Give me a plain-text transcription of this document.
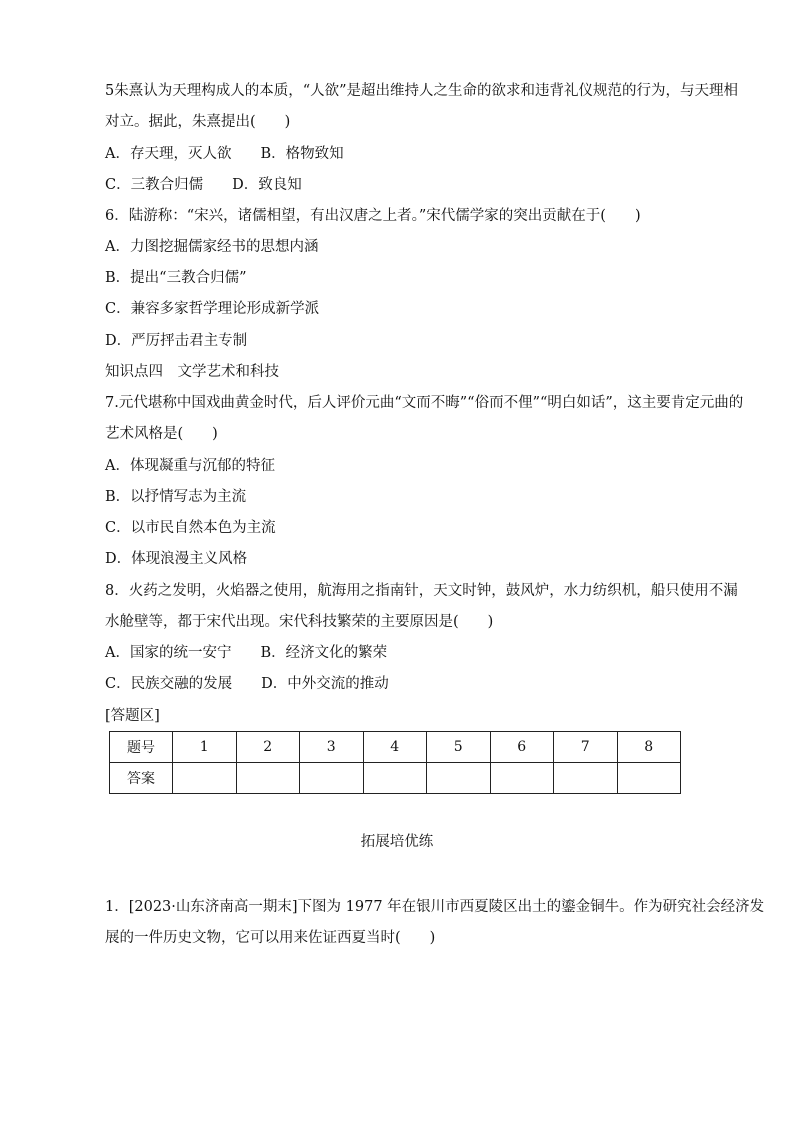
5朱熹认为天理构成人的本质，“人欲”是超出维持人之生命的欲求和违背礼仪规范的行为，与天理相
对立。据此，朱熹提出(　　)
A．存天理，灭人欲　　B．格物致知
C．三教合归儒　　D．致良知
6．陆游称：“宋兴，诸儒相望，有出汉唐之上者。”宋代儒学家的突出贡献在于(　　)
A．力图挖掘儒家经书的思想内涵
B．提出“三教合归儒”
C．兼容多家哲学理论形成新学派
D．严厉抨击君主专制
知识点四　文学艺术和科技
7.元代堪称中国戏曲黄金时代，后人评价元曲“文而不晦”“俗而不俚”“明白如话”，这主要肯定元曲的
艺术风格是(　　)
A．体现凝重与沉郁的特征
B．以抒情写志为主流
C．以市民自然本色为主流
D．体现浪漫主义风格
8．火药之发明，火焰器之使用，航海用之指南针，天文时钟，鼓风炉，水力纺织机，船只使用不漏
水舱壁等，都于宋代出现。宋代科技繁荣的主要原因是(　　)
A．国家的统一安宁　　B．经济文化的繁荣
C．民族交融的发展　　D．中外交流的推动
[答题区]
题号	1	2	3	4	5	6	7	8
答案								
拓展培优练
1．[2023·山东济南高一期末]下图为 1977 年在银川市西夏陵区出土的鎏金铜牛。作为研究社会经济发
展的一件历史文物，它可以用来佐证西夏当时(　　)
